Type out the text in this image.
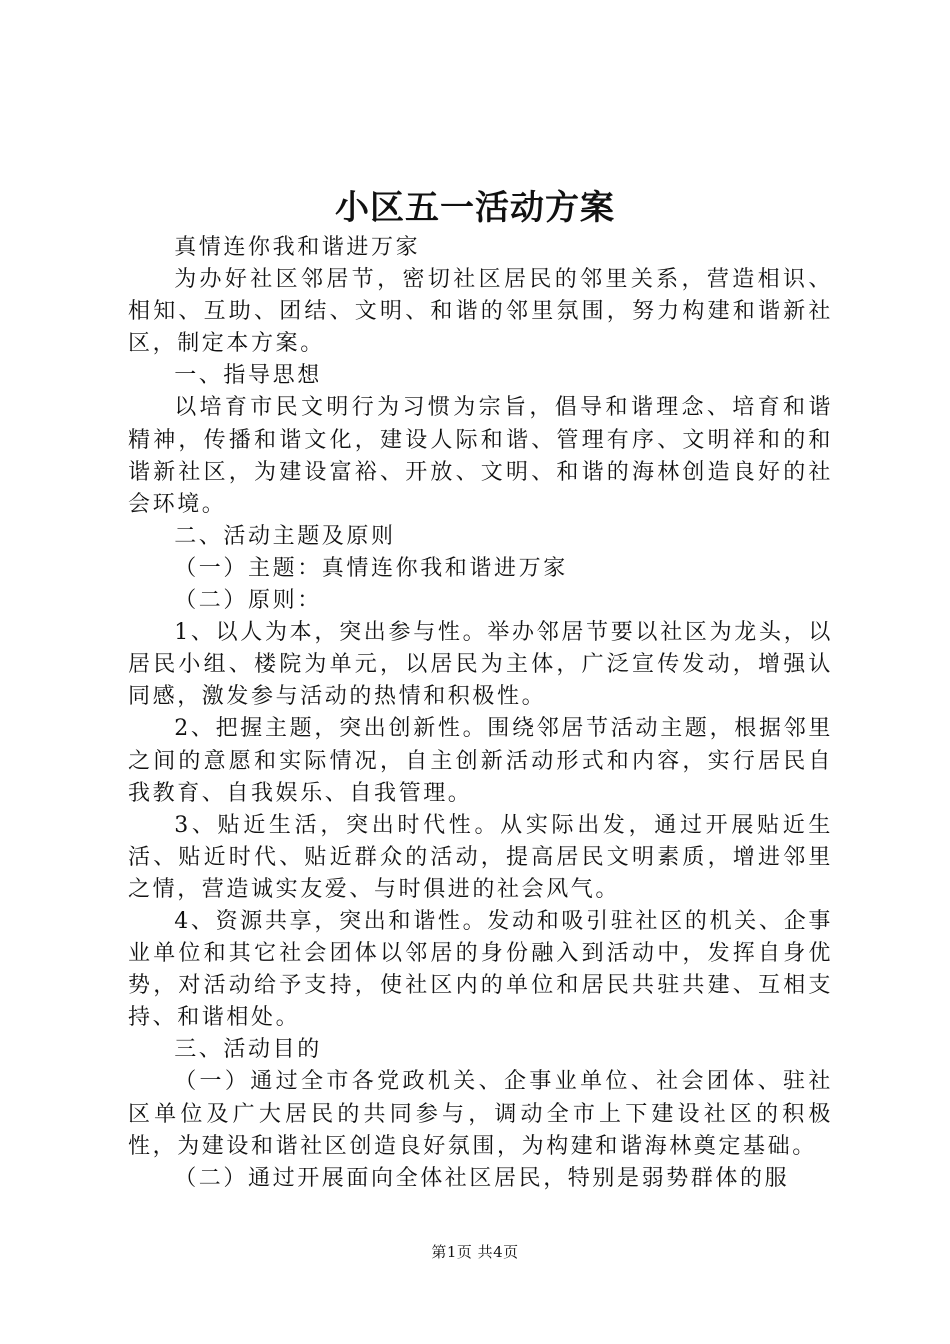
小区五一活动方案

真情连你我和谐进万家

为办好社区邻居节，密切社区居民的邻里关系，营造相识、相知、互助、团结、文明、和谐的邻里氛围，努力构建和谐新社区，制定本方案。

一、指导思想

以培育市民文明行为习惯为宗旨，倡导和谐理念、培育和谐精神，传播和谐文化，建设人际和谐、管理有序、文明祥和的和谐新社区，为建设富裕、开放、文明、和谐的海林创造良好的社会环境。

二、活动主题及原则

（一）主题：真情连你我和谐进万家

（二）原则：

1、以人为本，突出参与性。举办邻居节要以社区为龙头，以居民小组、楼院为单元，以居民为主体，广泛宣传发动，增强认同感，激发参与活动的热情和积极性。

2、把握主题，突出创新性。围绕邻居节活动主题，根据邻里之间的意愿和实际情况，自主创新活动形式和内容，实行居民自我教育、自我娱乐、自我管理。

3、贴近生活，突出时代性。从实际出发，通过开展贴近生活、贴近时代、贴近群众的活动，提高居民文明素质，增进邻里之情，营造诚实友爱、与时俱进的社会风气。

4、资源共享，突出和谐性。发动和吸引驻社区的机关、企事业单位和其它社会团体以邻居的身份融入到活动中，发挥自身优势，对活动给予支持，使社区内的单位和居民共驻共建、互相支持、和谐相处。

三、活动目的

（一）通过全市各党政机关、企事业单位、社会团体、驻社区单位及广大居民的共同参与，调动全市上下建设社区的积极性，为建设和谐社区创造良好氛围，为构建和谐海林奠定基础。

（二）通过开展面向全体社区居民，特别是弱势群体的服

第1页 共4页
